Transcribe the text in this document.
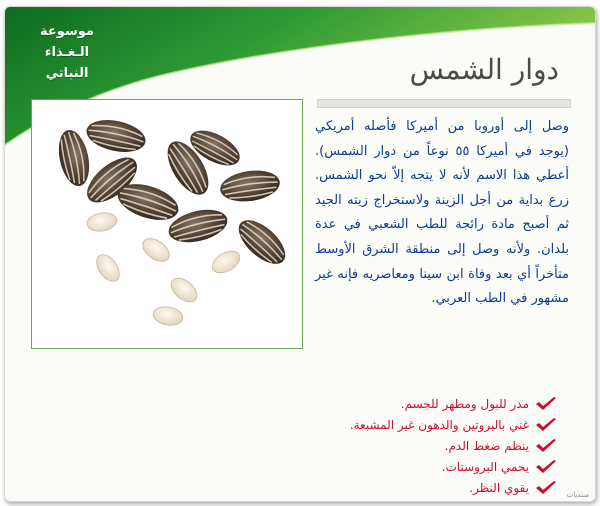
موسوعة
الـغـذاء
النباتي	دوار الشمس
وصل إلى أوروبا من أميركا فأصله أمريكي (يوجد في أميركا ٥٥ نوعاً من دوار الشمس). أعطي هذا الاسم لأنه لا يتجه إلاّ نحو الشمس. زرع بداية من أجل الزينة ولاستخراج زيته الجيد ثم أصبح مادة رائجة للطب الشعبي في عدة بلدان. ولأنه وصل إلى منطقة الشرق الأوسط متأخراً أي بعد وفاة ابن سينا ومعاصريه فإنه غير مشهور في الطب العربي.
مدر للبول ومطهر للجسم.
غني بالبروتين والدهون غير المشبعة.
ينظم ضغط الدم.
يحمي البروستات.
يقوي النظر.
منتديات
